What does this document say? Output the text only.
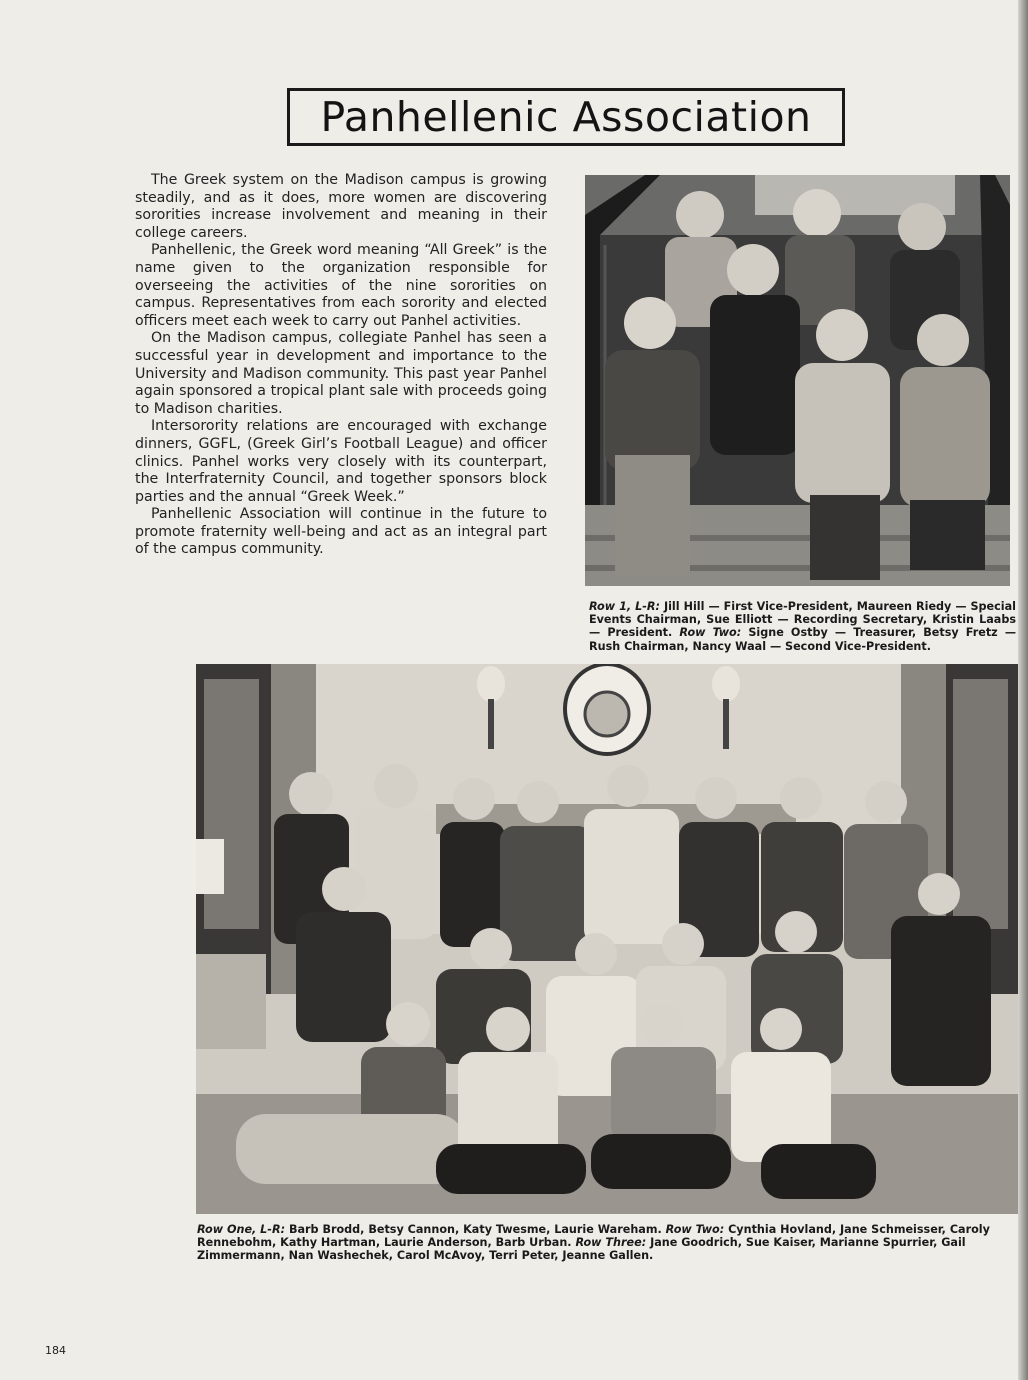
Panhellenic Association

The Greek system on the Madison campus is growing steadily, and as it does, more women are discovering sororities increase involvement and meaning in their college careers.

Panhellenic, the Greek word meaning “All Greek” is the name given to the organization responsible for overseeing the activities of the nine sororities on campus. Representatives from each sorority and elected officers meet each week to carry out Panhel activities.

On the Madison campus, collegiate Panhel has seen a successful year in development and importance to the University and Madison community. This past year Panhel again sponsored a tropical plant sale with proceeds going to Madison charities.

Intersorority relations are encouraged with exchange dinners, GGFL, (Greek Girl’s Football League) and officer clinics. Panhel works very closely with its counterpart, the Interfraternity Council, and together sponsors block parties and the annual “Greek Week.”

Panhellenic Association will continue in the future to promote fraternity well-being and act as an integral part of the campus community.

Row 1, L-R: Jill Hill — First Vice-President, Maureen Riedy — Special Events Chairman, Sue Elliott — Recording Secretary, Kristin Laabs — President. Row Two: Signe Ostby — Treasurer, Betsy Fretz — Rush Chairman, Nancy Waal — Second Vice-President.
Row One, L-R: Barb Brodd, Betsy Cannon, Katy Twesme, Laurie Wareham. Row Two: Cynthia Hovland, Jane Schmeisser, Caroly Rennebohm, Kathy Hartman, Laurie Anderson, Barb Urban. Row Three: Jane Goodrich, Sue Kaiser, Marianne Spurrier, Gail Zimmermann, Nan Washechek, Carol McAvoy, Terri Peter, Jeanne Gallen.
184
